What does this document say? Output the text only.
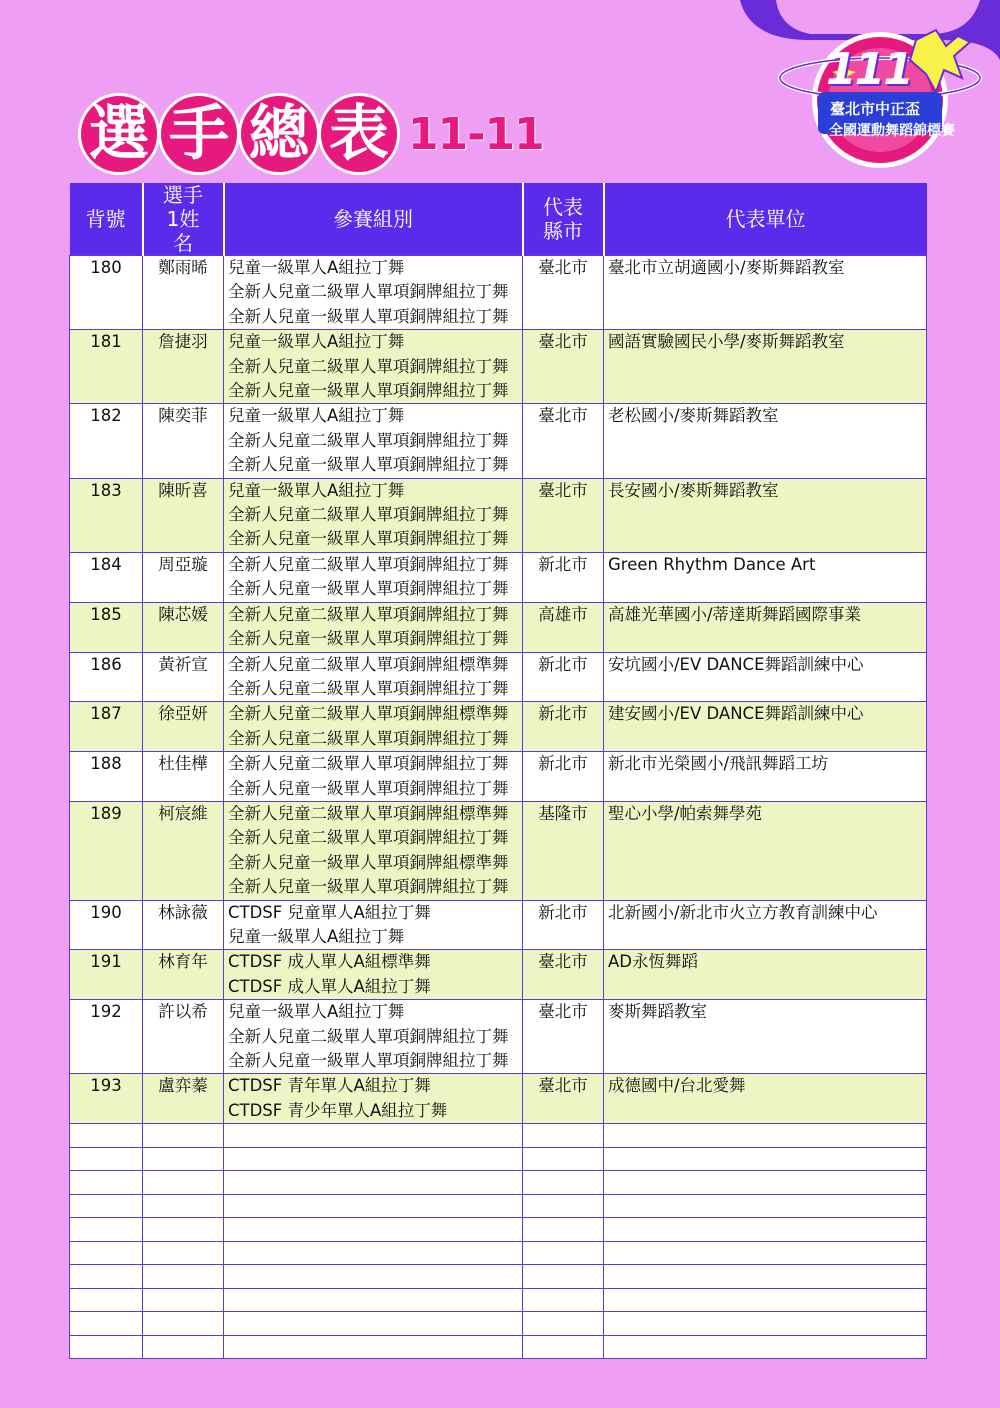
選 手 總 表 11-11
111
臺北市中正盃
全國運動舞蹈錦標賽
背號	選手1姓名	參賽組別	代表縣市	代表單位
180	鄭雨晞	兒童一級單人A組拉丁舞
全新人兒童二級單人單項銅牌組拉丁舞
全新人兒童一級單人單項銅牌組拉丁舞	臺北市	臺北市立胡適國小/麥斯舞蹈教室
181	詹捷羽	兒童一級單人A組拉丁舞
全新人兒童二級單人單項銅牌組拉丁舞
全新人兒童一級單人單項銅牌組拉丁舞	臺北市	國語實驗國民小學/麥斯舞蹈教室
182	陳奕菲	兒童一級單人A組拉丁舞
全新人兒童二級單人單項銅牌組拉丁舞
全新人兒童一級單人單項銅牌組拉丁舞	臺北市	老松國小/麥斯舞蹈教室
183	陳昕喜	兒童一級單人A組拉丁舞
全新人兒童二級單人單項銅牌組拉丁舞
全新人兒童一級單人單項銅牌組拉丁舞	臺北市	長安國小/麥斯舞蹈教室
184	周亞璇	全新人兒童二級單人單項銅牌組拉丁舞
全新人兒童一級單人單項銅牌組拉丁舞	新北市	Green Rhythm Dance Art
185	陳芯媛	全新人兒童二級單人單項銅牌組拉丁舞
全新人兒童一級單人單項銅牌組拉丁舞	高雄市	高雄光華國小/蒂達斯舞蹈國際事業
186	黃祈宣	全新人兒童二級單人單項銅牌組標準舞
全新人兒童二級單人單項銅牌組拉丁舞	新北市	安坑國小/EV DANCE舞蹈訓練中心
187	徐亞妍	全新人兒童二級單人單項銅牌組標準舞
全新人兒童二級單人單項銅牌組拉丁舞	新北市	建安國小/EV DANCE舞蹈訓練中心
188	杜佳樺	全新人兒童二級單人單項銅牌組拉丁舞
全新人兒童一級單人單項銅牌組拉丁舞	新北市	新北市光榮國小/飛訊舞蹈工坊
189	柯宸維	全新人兒童二級單人單項銅牌組標準舞
全新人兒童二級單人單項銅牌組拉丁舞
全新人兒童一級單人單項銅牌組標準舞
全新人兒童一級單人單項銅牌組拉丁舞	基隆市	聖心小學/帕索舞學苑
190	林詠薇	CTDSF 兒童單人A組拉丁舞
兒童一級單人A組拉丁舞	新北市	北新國小/新北市火立方教育訓練中心
191	林育年	CTDSF 成人單人A組標準舞
CTDSF 成人單人A組拉丁舞	臺北市	AD永恆舞蹈
192	許以希	兒童一級單人A組拉丁舞
全新人兒童二級單人單項銅牌組拉丁舞
全新人兒童一級單人單項銅牌組拉丁舞	臺北市	麥斯舞蹈教室
193	盧弈蓁	CTDSF 青年單人A組拉丁舞
CTDSF 青少年單人A組拉丁舞	臺北市	成德國中/台北愛舞
